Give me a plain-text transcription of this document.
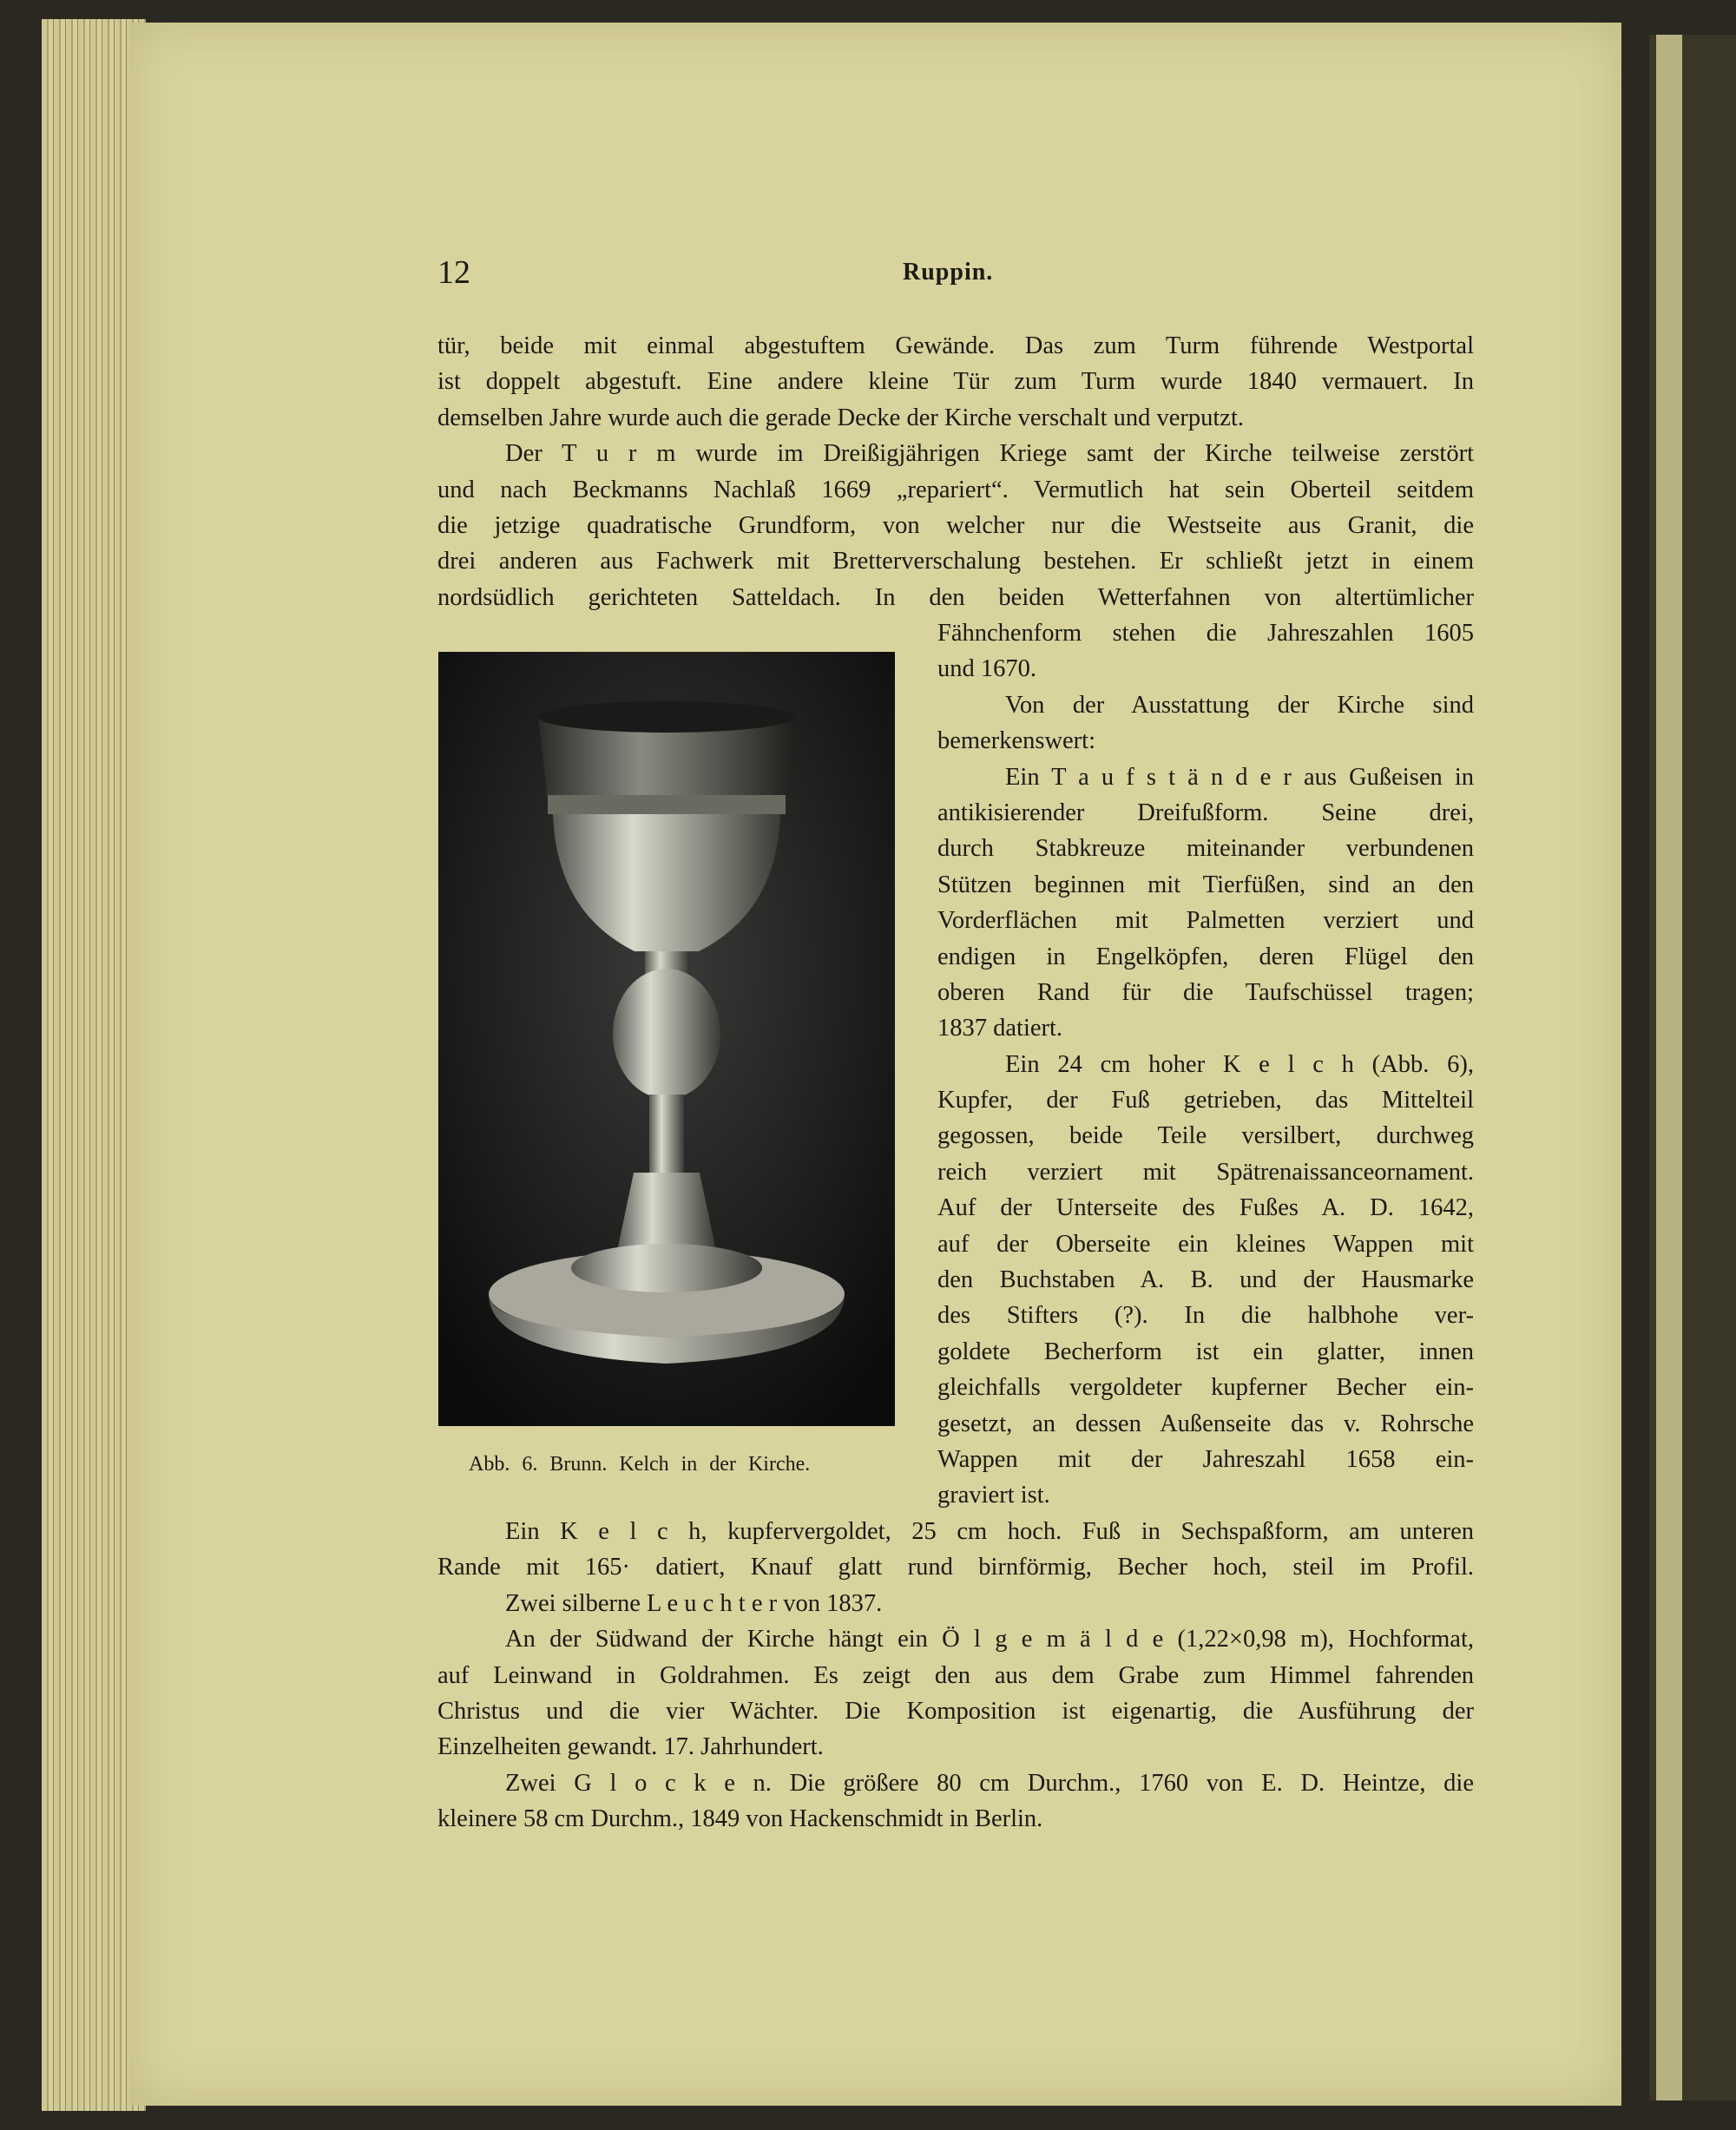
12	Ruppin.
tür, beide mit einmal abgestuftem Gewände. Das zum Turm führende Westportal
ist doppelt abgestuft. Eine andere kleine Tür zum Turm wurde 1840 vermauert. In
demselben Jahre wurde auch die gerade Decke der Kirche verschalt und verputzt.
Der T u r m wurde im Dreißigjährigen Kriege samt der Kirche teilweise zerstört
und nach Beckmanns Nachlaß 1669 „repariert“. Vermutlich hat sein Oberteil seitdem
die jetzige quadratische Grundform, von welcher nur die Westseite aus Granit, die
drei anderen aus Fachwerk mit Bretterverschalung bestehen. Er schließt jetzt in einem
nordsüdlich gerichteten Satteldach. In den beiden Wetterfahnen von altertümlicher
Abb. 6. Brunn. Kelch in der Kirche.
Fähnchenform stehen die Jahreszahlen 1605
und 1670.
Von der Ausstattung der Kirche sind
bemerkenswert:
Ein T a u f s t ä n d e r aus Gußeisen in
antikisierender Dreifußform. Seine drei,
durch Stabkreuze miteinander verbundenen
Stützen beginnen mit Tierfüßen, sind an den
Vorderflächen mit Palmetten verziert und
endigen in Engelköpfen, deren Flügel den
oberen Rand für die Taufschüssel tragen;
1837 datiert.
Ein 24 cm hoher K e l c h (Abb. 6),
Kupfer, der Fuß getrieben, das Mittelteil
gegossen, beide Teile versilbert, durchweg
reich verziert mit Spätrenaissanceornament.
Auf der Unterseite des Fußes A. D. 1642,
auf der Oberseite ein kleines Wappen mit
den Buchstaben A. B. und der Hausmarke
des Stifters (?). In die halbhohe ver-
goldete Becherform ist ein glatter, innen
gleichfalls vergoldeter kupferner Becher ein-
gesetzt, an dessen Außenseite das v. Rohrsche
Wappen mit der Jahreszahl 1658 ein-
graviert ist.
Ein K e l c h, kupfervergoldet, 25 cm hoch. Fuß in Sechspaßform, am unteren
Rande mit 165· datiert, Knauf glatt rund birnförmig, Becher hoch, steil im Profil.
Zwei silberne L e u c h t e r von 1837.
An der Südwand der Kirche hängt ein Ö l g e m ä l d e (1,22×0,98 m), Hochformat,
auf Leinwand in Goldrahmen. Es zeigt den aus dem Grabe zum Himmel fahrenden
Christus und die vier Wächter. Die Komposition ist eigenartig, die Ausführung der
Einzelheiten gewandt. 17. Jahrhundert.
Zwei G l o c k e n. Die größere 80 cm Durchm., 1760 von E. D. Heintze, die
kleinere 58 cm Durchm., 1849 von Hackenschmidt in Berlin.
